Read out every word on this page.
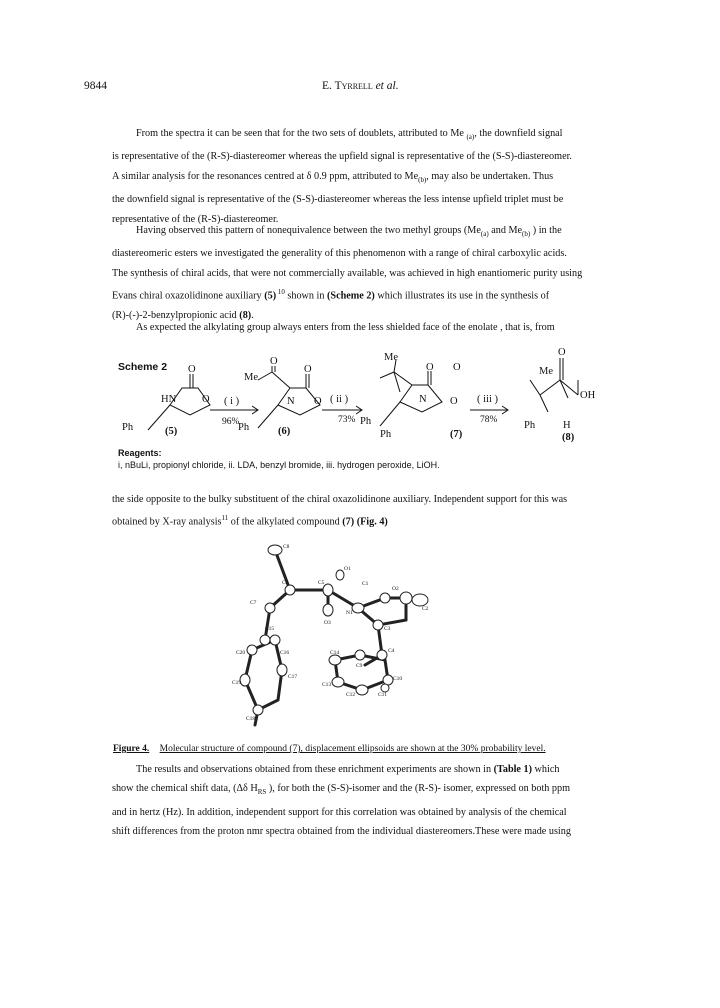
9844	E. Tyrrell et al.

From the spectra it can be seen that for the two sets of doublets, attributed to Me $_{(a)}$, the downfield signal

is representative of the (R-S)-diastereomer whereas the upfield signal is representative of the (S-S)-diastereomer.

A similar analysis for the resonances centred at δ 0.9 ppm, attributed to $Me_{(b)}$, may also be undertaken. Thus

the downfield signal is representative of the (S-S)-diastereomer whereas the less intense upfield triplet must be

representative of the (R-S)-diastereomer.

Having observed this pattern of nonequivalence between the two methyl groups ($Me_{(a)}$ and $Me_{(b)}$ ) in the

diastereomeric esters we investigated the generality of this phenomenon with a range of chiral carboxylic acids.

The synthesis of chiral acids, that were not commercially available, was achieved in high enantiomeric purity using

Evans chiral oxazolidinone auxiliary (5) $^{10}$ shown in (Scheme 2) which illustrates its use in the synthesis of

(R)-(-)-2-benzylpropionic acid (8).

As expected the alkylating group always enters from the less shielded face of the enolate , that is, from

Scheme 2 O
HN O
Ph	(5)
( i )
96%
Me
O
O
N O
Ph	(6)
( ii )
73% Ph
Me
O O
N O
Ph	(7)
( iii )
78%
Me
O
OH
Ph	H
(8)
Reagents:
i, nBuLi, propionyl chloride, ii. LDA, benzyl bromide, iii. hydrogen peroxide, LiOH.

the side opposite to the bulky substituent of the chiral oxazolidinone auxiliary. Independent support for this was

obtained by X-ray analysis$^{11}$ of the alkylated compound (7) (Fig. 4)

C8
C6	C5
O1
C1
O2
C7
N1
C2
O3
C3
C15
C4
C14
C9
C20	C16
C10
C13
C19
C17
C12	C11
C18
Figure 4. Molecular structure of compound (7), displacement ellipsoids are shown at the 30% probability level.

The results and observations obtained from these enrichment experiments are shown in (Table 1) which

show the chemical shift data, (Δδ $H_{RS}$ ), for both the (S-S)-isomer and the (R-S)- isomer, expressed on both ppm

and in hertz (Hz). In addition, independent support for this correlation was obtained by analysis of the chemical

shift differences from the proton nmr spectra obtained from the individual diastereomers.These were made using
